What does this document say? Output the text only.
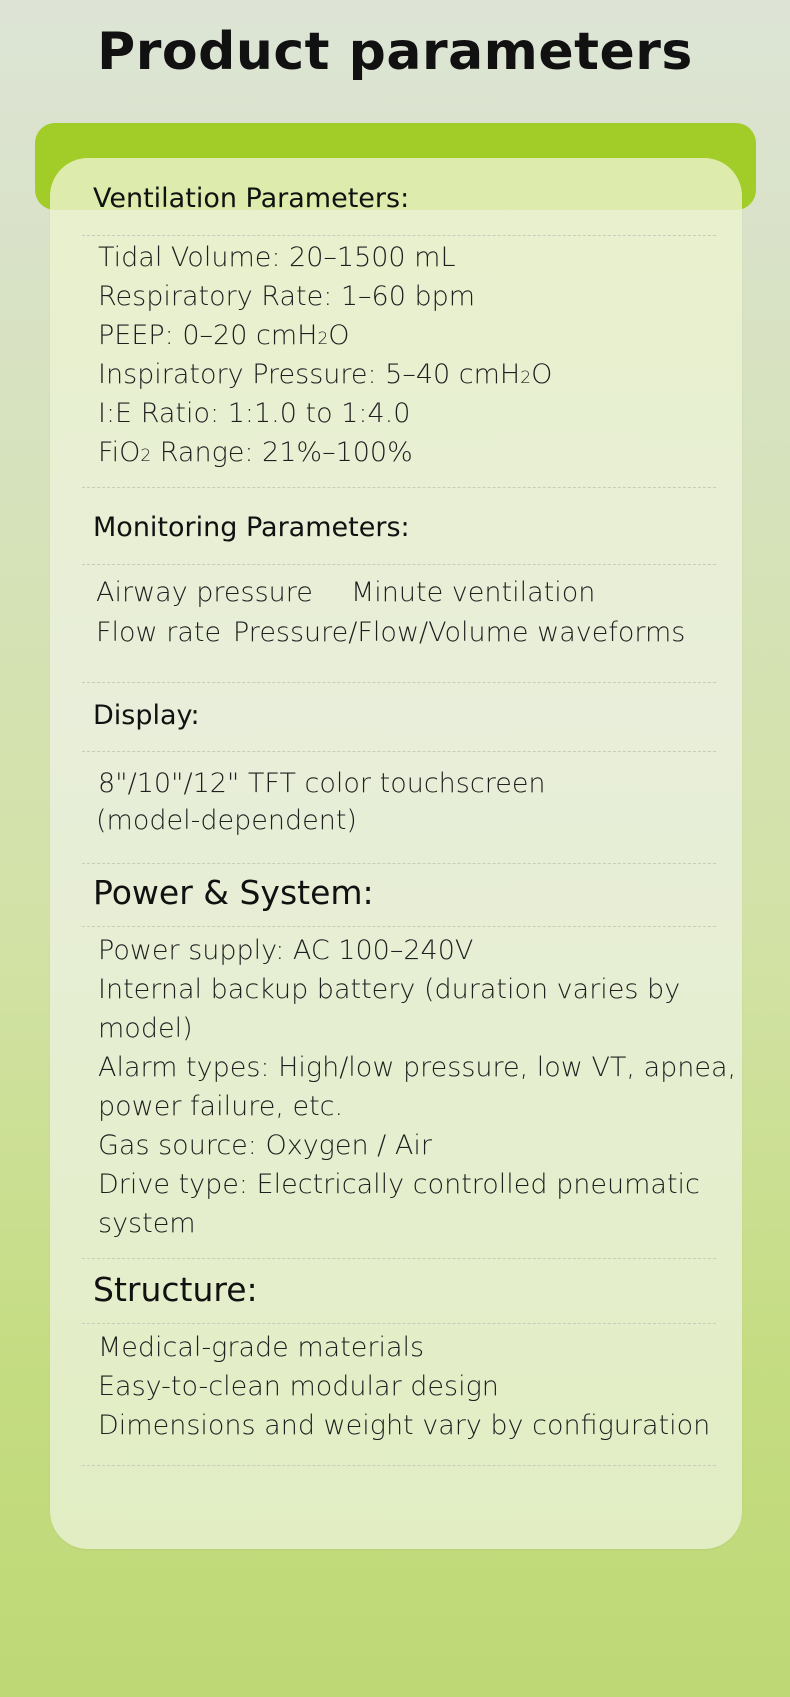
Product parameters
Ventilation Parameters:
Tidal Volume: 20–1500 mL
Respiratory Rate: 1–60 bpm
PEEP: 0–20 cmH2O
Inspiratory Pressure: 5–40 cmH2O
I:E Ratio: 1:1.0 to 1:4.0
FiO2 Range: 21%–100%
Monitoring Parameters:
Airway pressure Minute ventilation
Flow rate Pressure/Flow/Volume waveforms
Display:
8"/10"/12" TFT color touchscreen
(model-dependent)
Power & System:
Power supply: AC 100–240V
Internal backup battery (duration varies by
model)
Alarm types: High/low pressure, low VT, apnea,
power failure, etc.
Gas source: Oxygen / Air
Drive type: Electrically controlled pneumatic
system
Structure:
Medical-grade materials
Easy-to-clean modular design
Dimensions and weight vary by configuration
